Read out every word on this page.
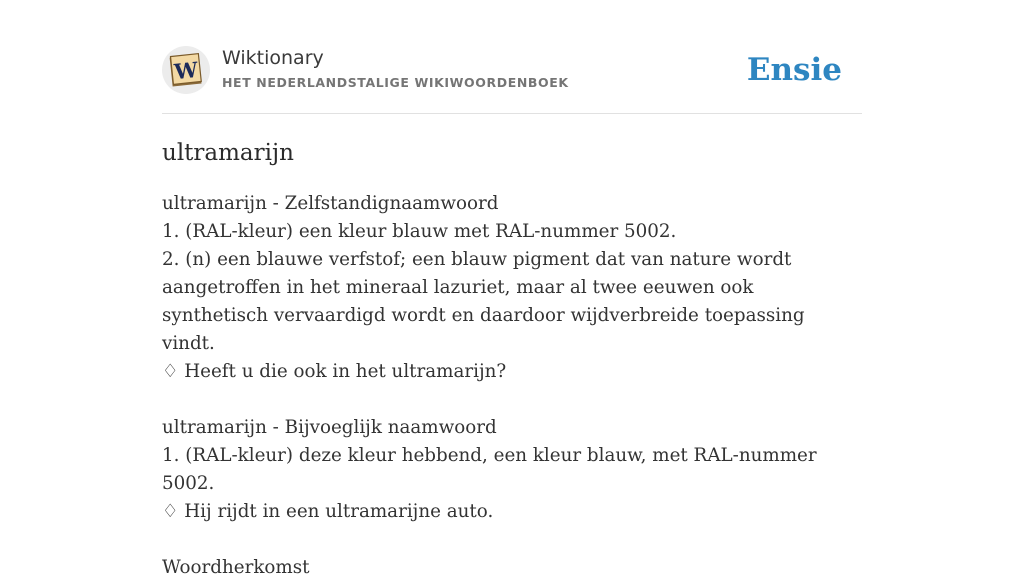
W Wiktionary
HET NEDERLANDSTALIGE WIKIWOORDENBOEK	Ensie
ultramarijn
ultramarijn - Zelfstandignaamwoord
1. (RAL-kleur) een kleur blauw met RAL-nummer 5002.
2. (n) een blauwe verfstof; een blauw pigment dat van nature wordt aangetroffen in het mineraal lazuriet, maar al twee eeuwen ook synthetisch vervaardigd wordt en daardoor wijdverbreide toepassing vindt.
♢ Heeft u die ook in het ultramarijn?
ultramarijn - Bijvoeglijk naamwoord
1. (RAL-kleur) deze kleur hebbend, een kleur blauw, met RAL-nummer 5002.
♢ Hij rijdt in een ultramarijne auto.
Woordherkomst
